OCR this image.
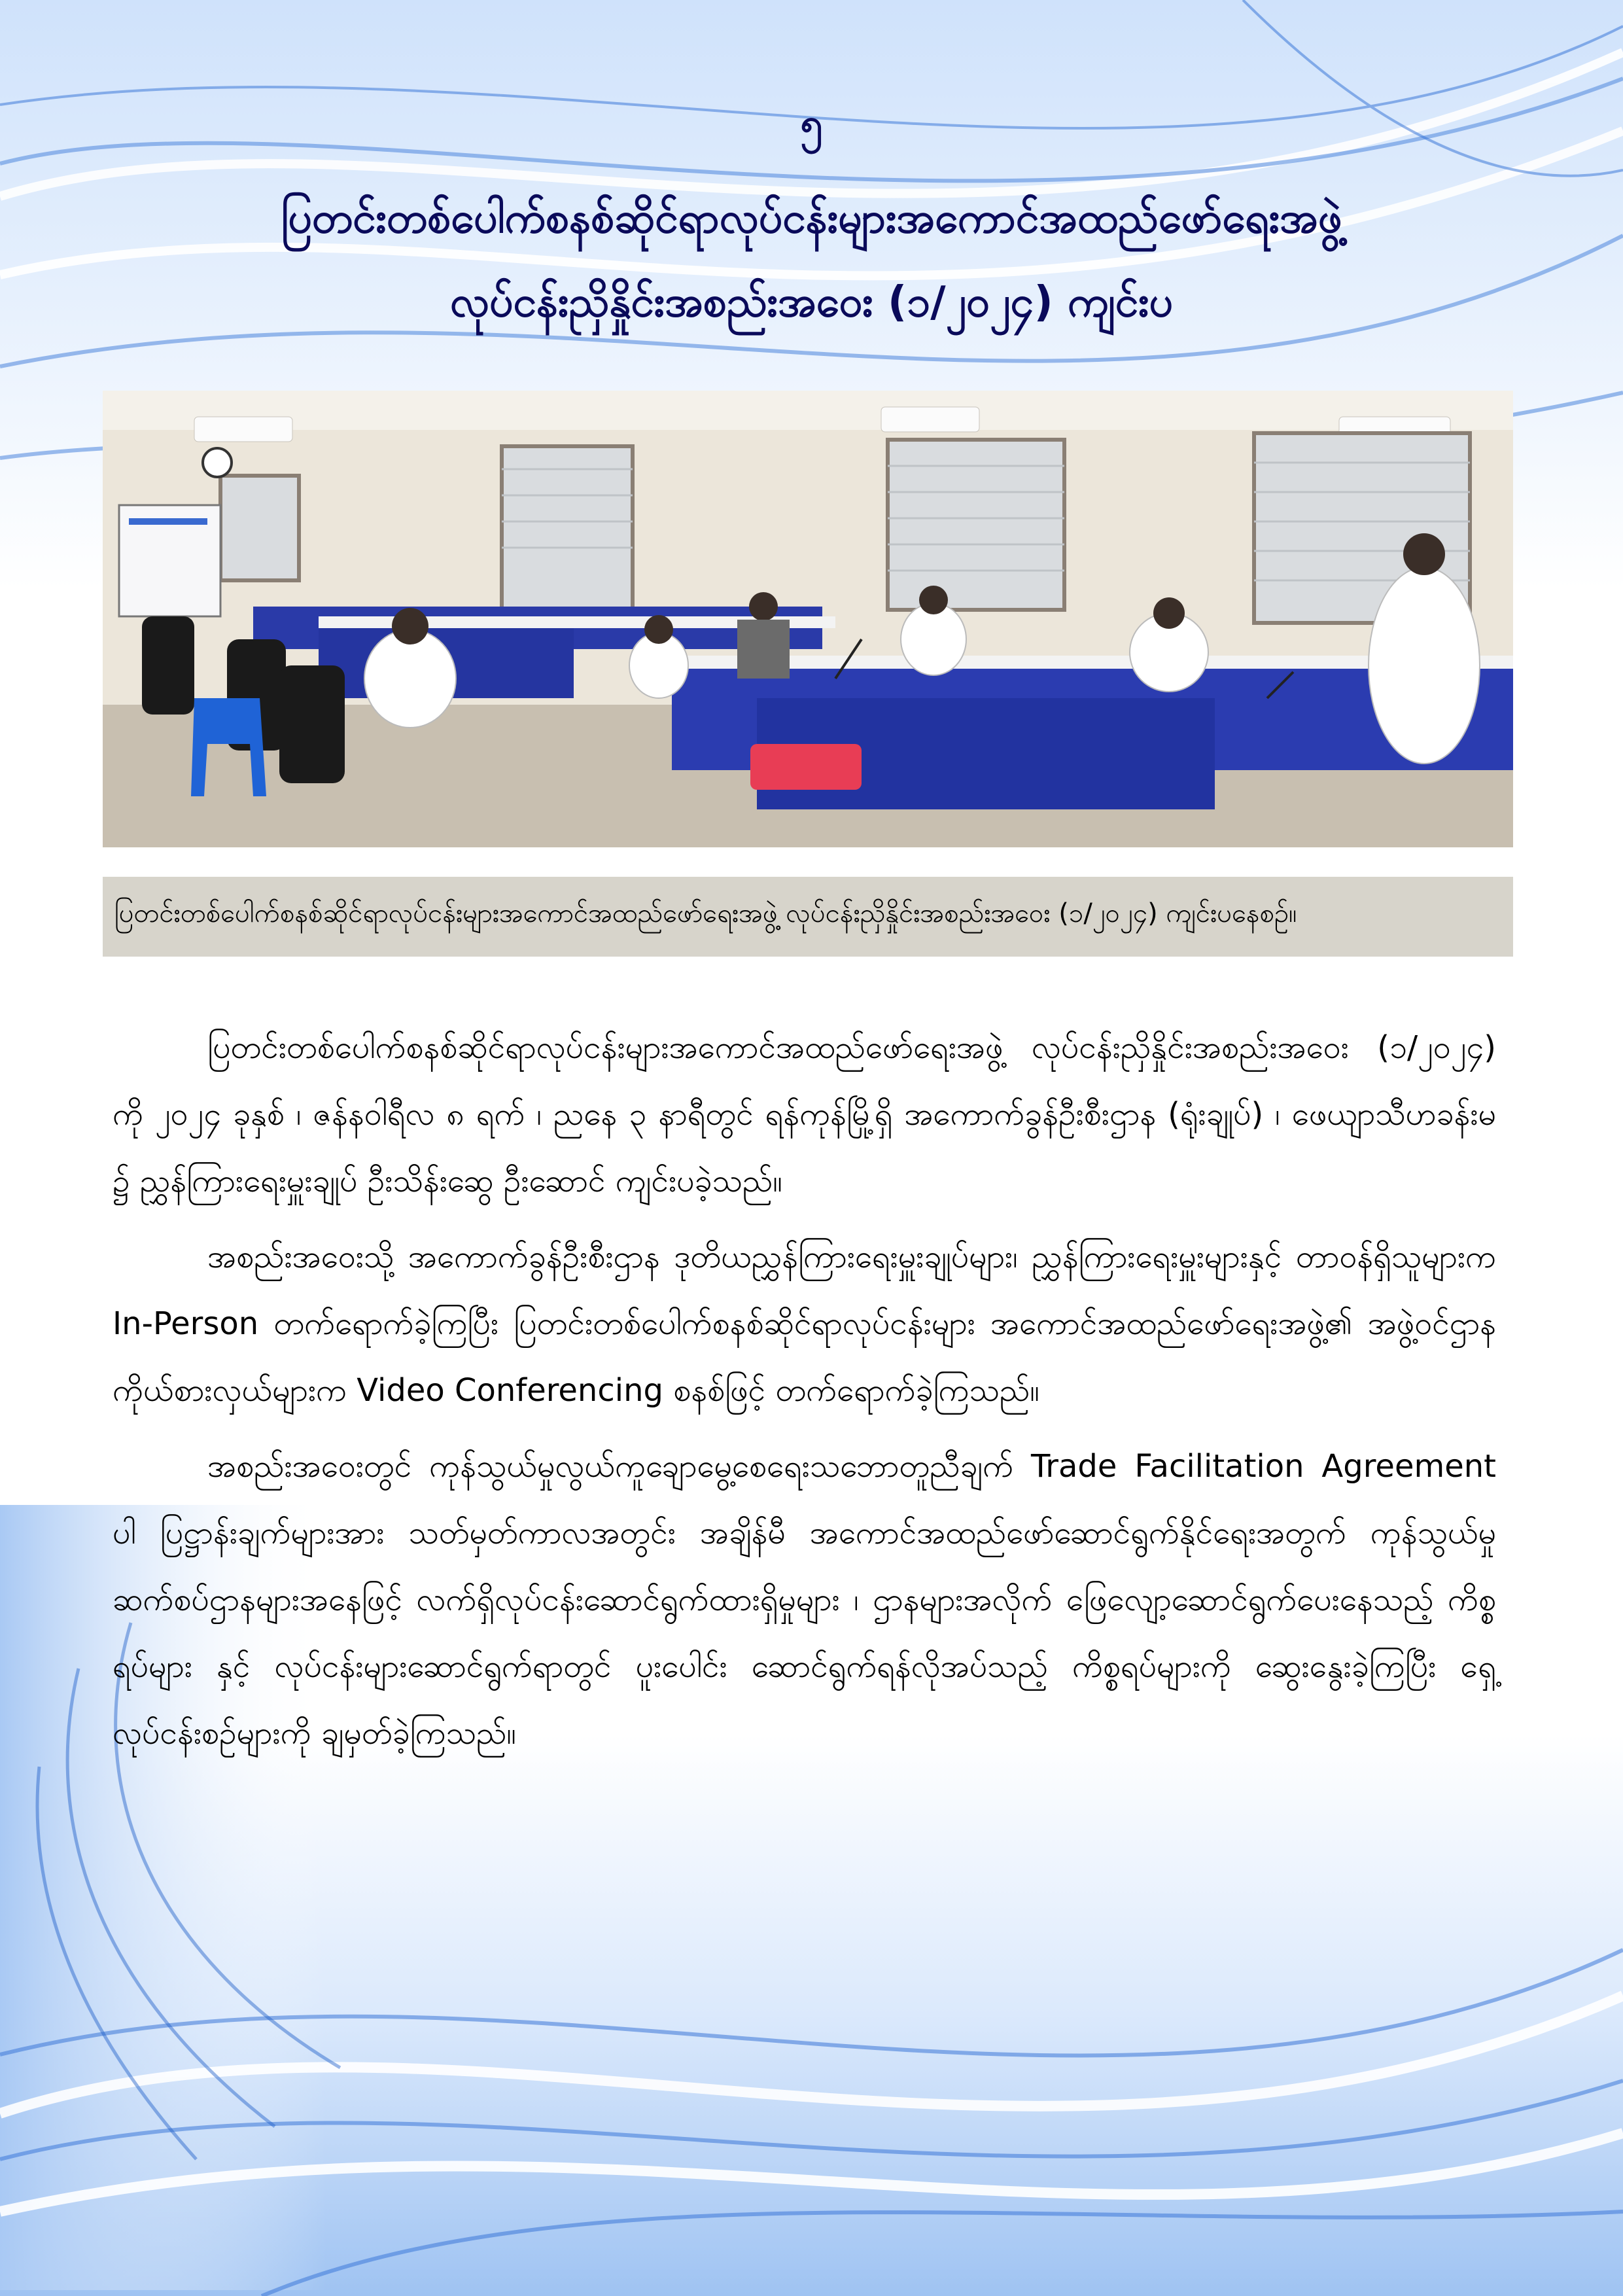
၅
ပြတင်းတစ်ပေါက်စနစ်ဆိုင်ရာလုပ်ငန်းများအကောင်အထည်ဖော်ရေးအဖွဲ့
လုပ်ငန်းညှိနှိုင်းအစည်းအဝေး (၁/၂၀၂၄) ကျင်းပ
ပြတင်းတစ်ပေါက်စနစ်ဆိုင်ရာလုပ်ငန်းများအကောင်အထည်ဖော်ရေးအဖွဲ့ လုပ်ငန်းညှိနှိုင်းအစည်းအဝေး (၁/၂၀၂၄) ကျင်းပနေစဉ်။

ပြတင်းတစ်ပေါက်စနစ်ဆိုင်ရာလုပ်ငန်းများအကောင်အထည်ဖော်ရေးအဖွဲ့ လုပ်ငန်းညှိနှိုင်းအစည်းအဝေး (၁/၂၀၂၄) ကို ၂၀၂၄ ခုနှစ် ၊ ဇန်နဝါရီလ ၈ ရက် ၊ ညနေ ၃ နာရီတွင် ရန်ကုန်မြို့ရှိ အကောက်ခွန်ဦးစီးဌာန (ရုံးချုပ်) ၊ ဖေယျာသီဟခန်းမ ၌ ညွှန်ကြားရေးမှူးချုပ် ဦးသိန်းဆွေ ဦးဆောင် ကျင်းပခဲ့သည်။

အစည်းအဝေးသို့ အကောက်ခွန်ဦးစီးဌာန ဒုတိယညွှန်ကြားရေးမှူးချုပ်များ၊ ညွှန်ကြားရေးမှူးများနှင့် တာဝန်ရှိသူများက In-Person တက်ရောက်ခဲ့ကြပြီး ပြတင်းတစ်ပေါက်စနစ်ဆိုင်ရာလုပ်ငန်းများ အကောင်အထည်ဖော်ရေးအဖွဲ့၏ အဖွဲ့ဝင်ဌာနကိုယ်စားလှယ်များက Video Conferencing စနစ်ဖြင့် တက်ရောက်ခဲ့ကြသည်။

အစည်းအဝေးတွင် ကုန်သွယ်မှုလွယ်ကူချောမွေ့စေရေးသဘောတူညီချက် Trade Facilitation Agreement ပါ ပြဋ္ဌာန်းချက်များအား သတ်မှတ်ကာလအတွင်း အချိန်မီ အကောင်အထည်ဖော်ဆောင်ရွက်နိုင်ရေးအတွက် ကုန်သွယ်မှုဆက်စပ်ဌာနများအနေဖြင့် လက်ရှိလုပ်ငန်းဆောင်ရွက်ထားရှိမှုများ ၊ ဌာနများအလိုက် ဖြေလျော့ဆောင်ရွက်ပေးနေသည့် ကိစ္စရပ်များ နှင့် လုပ်ငန်းများဆောင်ရွက်ရာတွင် ပူးပေါင်း ဆောင်ရွက်ရန်လိုအပ်သည့် ကိစ္စရပ်များကို ဆွေးနွေးခဲ့ကြပြီး ရှေ့လုပ်ငန်းစဉ်များကို ချမှတ်ခဲ့ကြသည်။
